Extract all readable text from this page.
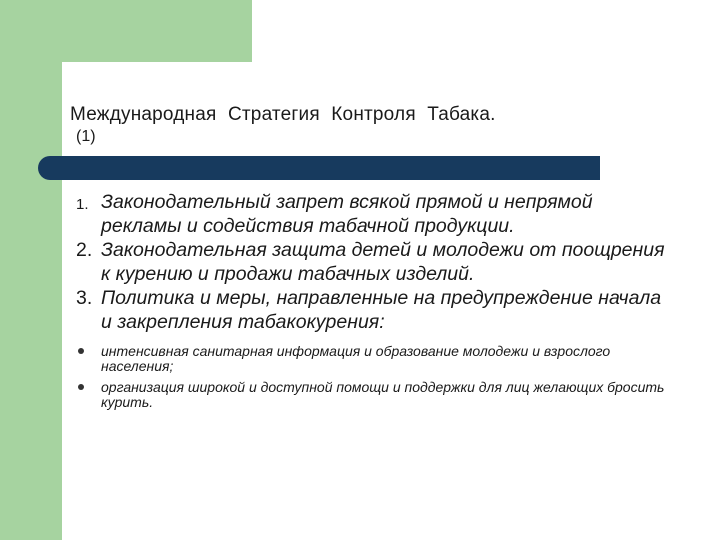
Международная Стратегия Контроля Табака.
(1)
1. Законодательный запрет всякой прямой и непрямой рекламы и содействия табачной продукции.
2. Законодательная защита детей и молодежи от поощрения к курению и продажи табачных изделий.
3. Политика и меры, направленные на предупреждение начала и закрепления табакокурения:
интенсивная санитарная информация и образование молодежи и взрослого населения;
организация широкой и доступной помощи и поддержки для лиц желающих бросить курить.
